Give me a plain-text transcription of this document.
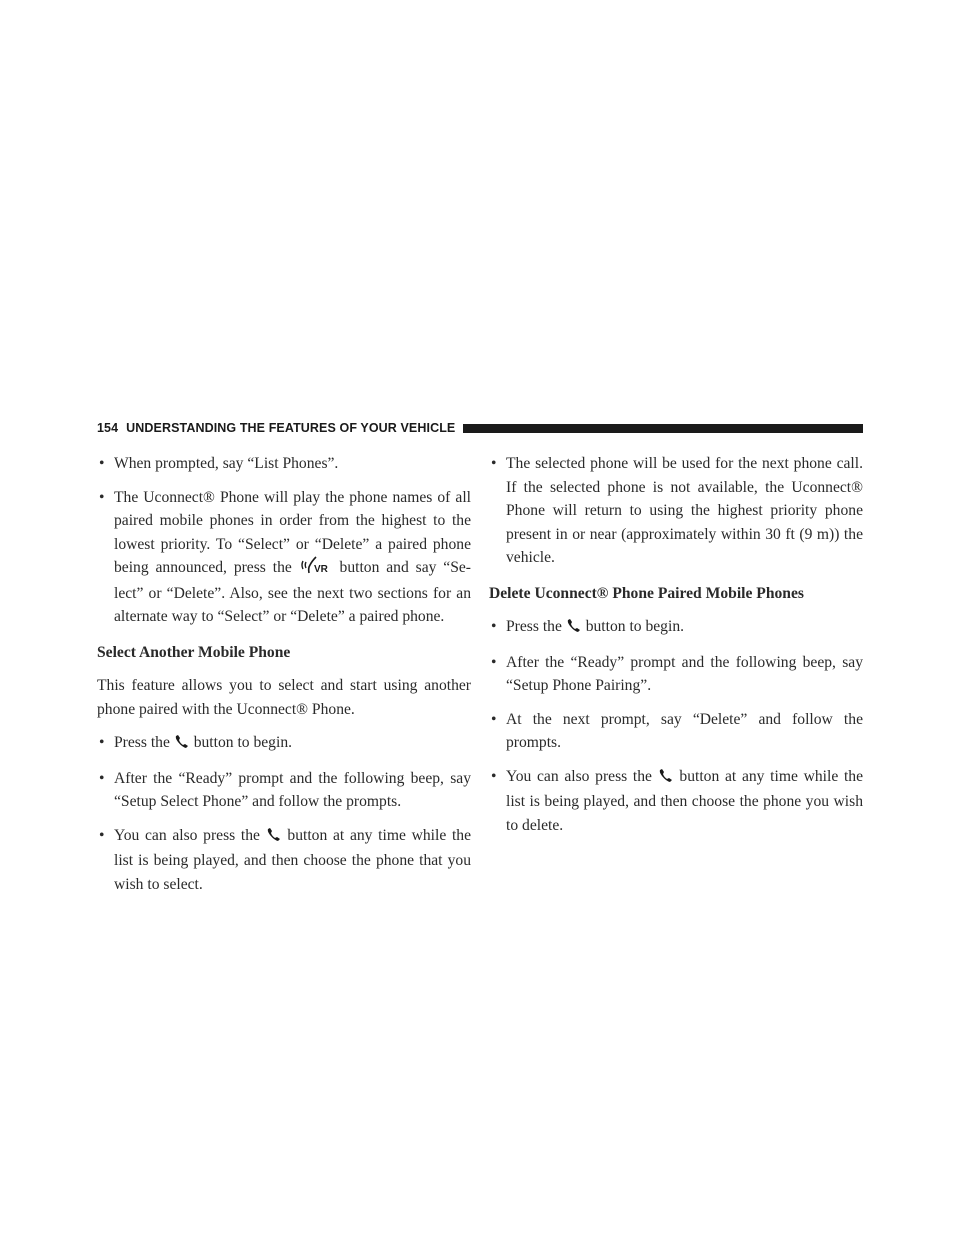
154 UNDERSTANDING THE FEATURES OF YOUR VEHICLE
• When prompted, say “List Phones”.
• The Uconnect® Phone will play the phone names of all paired mobile phones in order from the highest to the lowest priority. To “Select” or “Delete” a paired phone being announced, press the VR button and say “Se-lect” or “Delete”. Also, see the next two sections for an alternate way to “Select” or “Delete” a paired phone.
Select Another Mobile Phone
This feature allows you to select and start using another phone paired with the Uconnect® Phone.
• Press the button to begin.
• After the “Ready” prompt and the following beep, say “Setup Select Phone” and follow the prompts.
• You can also press the button at any time while the list is being played, and then choose the phone that you wish to select.
• The selected phone will be used for the next phone call. If the selected phone is not available, the Uconnect® Phone will return to using the highest priority phone present in or near (approximately within 30 ft (9 m)) the vehicle.
Delete Uconnect® Phone Paired Mobile Phones
• Press the button to begin.
• After the “Ready” prompt and the following beep, say “Setup Phone Pairing”.
• At the next prompt, say “Delete” and follow the prompts.
• You can also press the button at any time while the list is being played, and then choose the phone you wish to delete.
